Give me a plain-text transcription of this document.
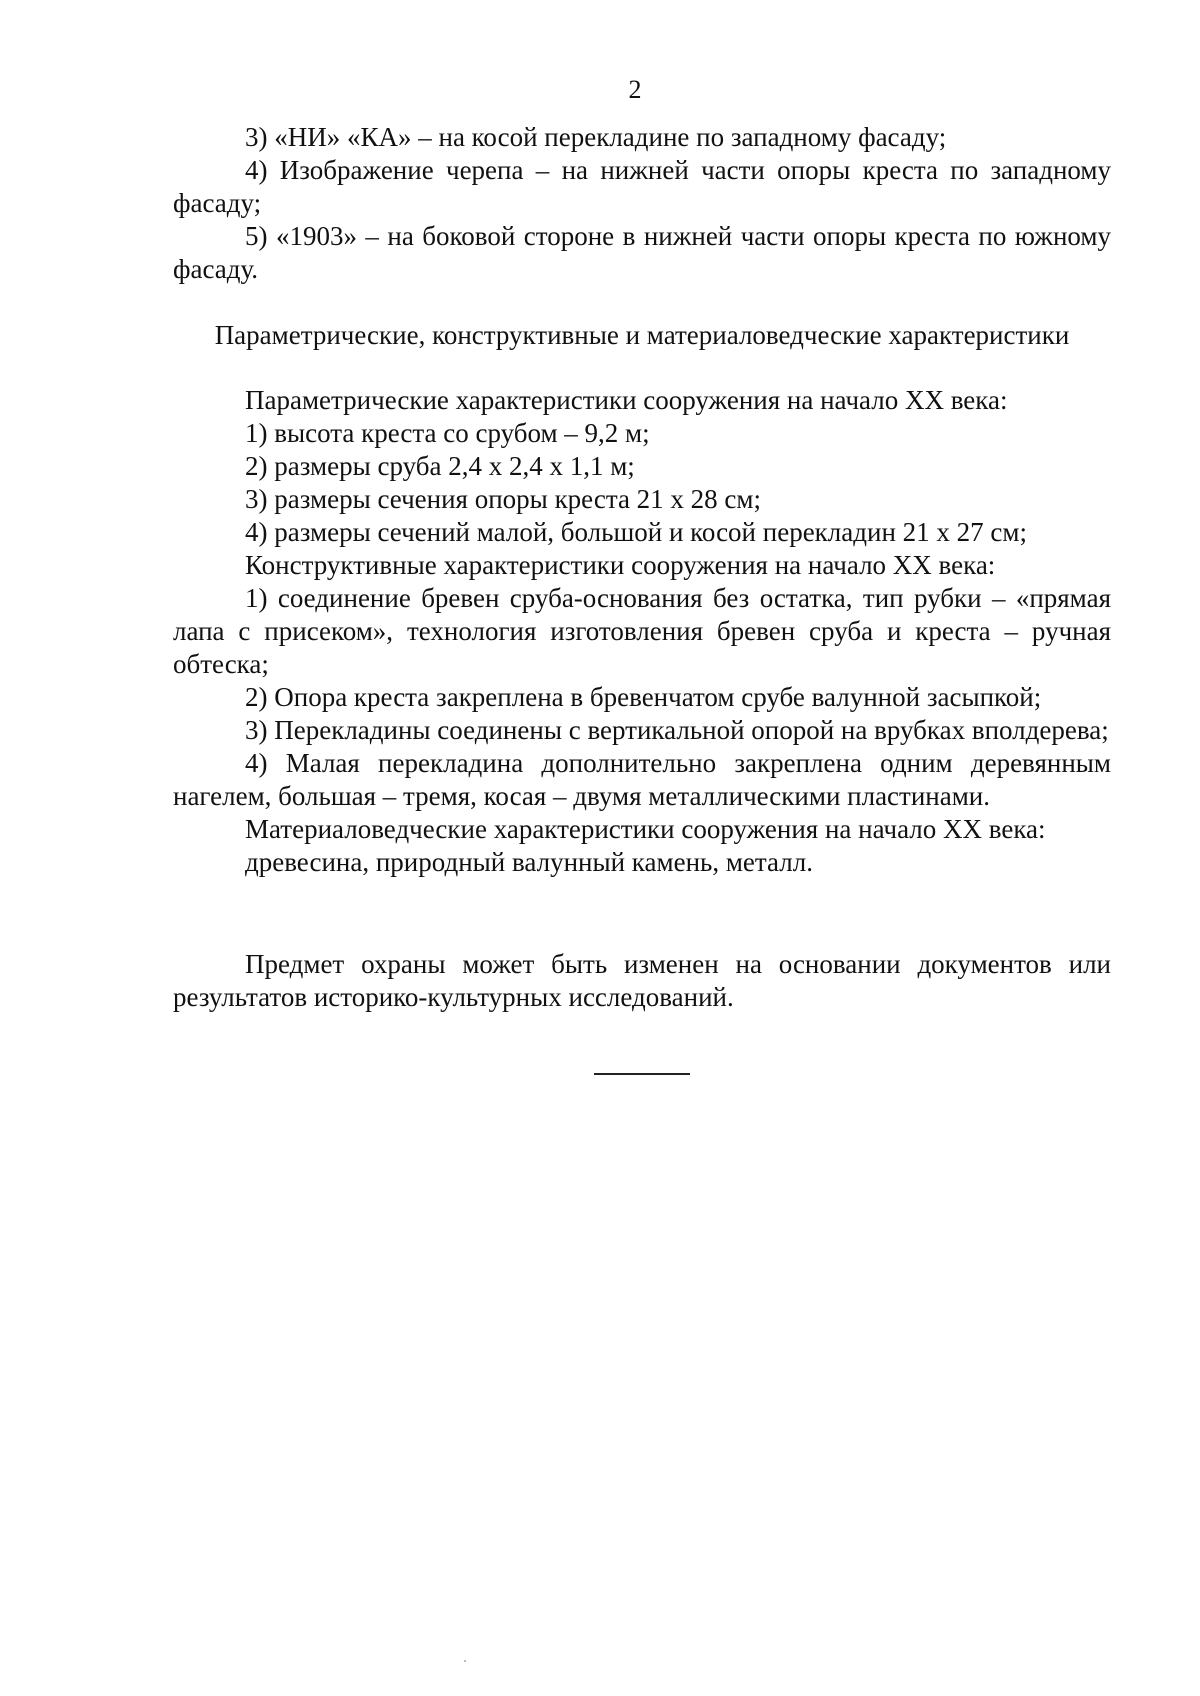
2

3) «НИ» «КА» – на косой перекладине по западному фасаду;

4) Изображение черепа – на нижней части опоры креста по западному фасаду;

5) «1903» – на боковой стороне в нижней части опоры креста по южному фасаду.

Параметрические, конструктивные и материаловедческие характеристики

Параметрические характеристики сооружения на начало XX века:

1) высота креста со срубом – 9,2 м;

2) размеры сруба 2,4 х 2,4 х 1,1 м;

3) размеры сечения опоры креста 21 х 28 см;

4) размеры сечений малой, большой и косой перекладин 21 х 27 см;

Конструктивные характеристики сооружения на начало XX века:

1) соединение бревен сруба-основания без остатка, тип рубки – «прямая лапа с присеком», технология изготовления бревен сруба и креста – ручная обтеска;

2) Опора креста закреплена в бревенчатом срубе валунной засыпкой;

3) Перекладины соединены с вертикальной опорой на врубках вполдерева;

4) Малая перекладина дополнительно закреплена одним деревянным нагелем, большая – тремя, косая – двумя металлическими пластинами.

Материаловедческие характеристики сооружения на начало XX века:

древесина, природный валунный камень, металл.

Предмет охраны может быть изменен на основании документов или результатов историко-культурных исследований.
